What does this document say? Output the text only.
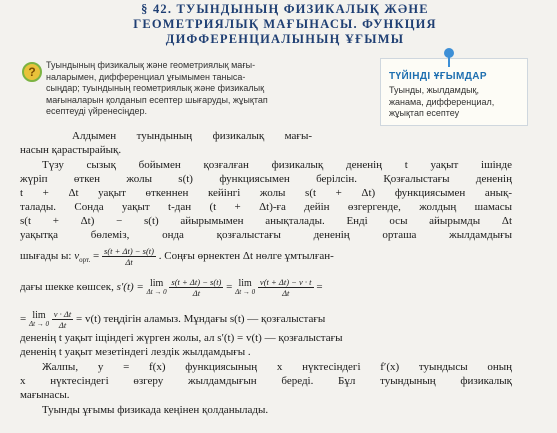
§ 42. ТУЫНДЫНЫҢ ФИЗИКАЛЫҚ ЖӘНЕ
ГЕОМЕТРИЯЛЫҚ МАҒЫНАСЫ. ФУНКЦИЯ
ДИФФЕРЕНЦИАЛЫНЫҢ ҰҒЫМЫ
?	Туындының физикалық және геометриялық мағы-
наларымен, дифференциал ұғымымен таныса-
сыңдар; туындының геометриялық және физикалық
мағыналарын қолданып есептер шығаруды, жұықтап
есептеуді үйренесіңдер.
ТҮЙІНДІ ҰҒЫМДАР
Туынды, жылдамдық,
жанама, дифференциал,
жұықтап есептеу
Алдымен туындының физикалық мағы-
насын қарастырайық.
Түзу сызық бойымен қозғалған физикалық дененің t уақыт ішінде
жүріп өткен жолы s(t) функциясымен берілсін. Қозғалыстағы дененің
t + Δt уақыт өткеннен кейінгі жолы s(t + Δt) функциясымен анық-
талады. Сонда уақыт t-дан (t + Δt)-ға дейін өзгергенде, жолдың шамасы
s(t + Δt) − s(t) айырымымен анықталады. Енді осы айырымды Δt
уақытқа бөлеміз, онда қозғалыстағы дененің орташа жылдамдығы
шығады ы: $v_{орт.} = \frac{s(t + \Delta t) - s(t)}{\Delta t}$ . Соңғы өрнектен Δt нөлге ұмтылған-
дағы шекке көшсек, s′(t) = lim
Δt → 0
$\frac{s(t + \Delta t) - s(t)}{\Delta t} = \lim$
Δt → 0
$\frac{v(t + \Delta t) - v \cdot t}{\Delta t}$ =
= lim
Δt → 0
$\frac{v \cdot \Delta t}{\Delta t} = v(t)$ теңдігін аламыз. Мұндағы s(t) — қозғалыстағы
дененің t уақыт іщіндегі жүрген жолы, ал s′(t) = v(t) — қозғалыстағы
дененің t уақыт мезетіндегі лездік жылдамдығы .
Жалпы, y = f(x) функциясының x нүктесіндегі f′(x) туындысы оның
x нүктесіндегі өзгеру жылдамдығын береді. Бұл туындының физикалық
мағынасы.
Туынды ұғымы физикада кеңінен қолданылады.
